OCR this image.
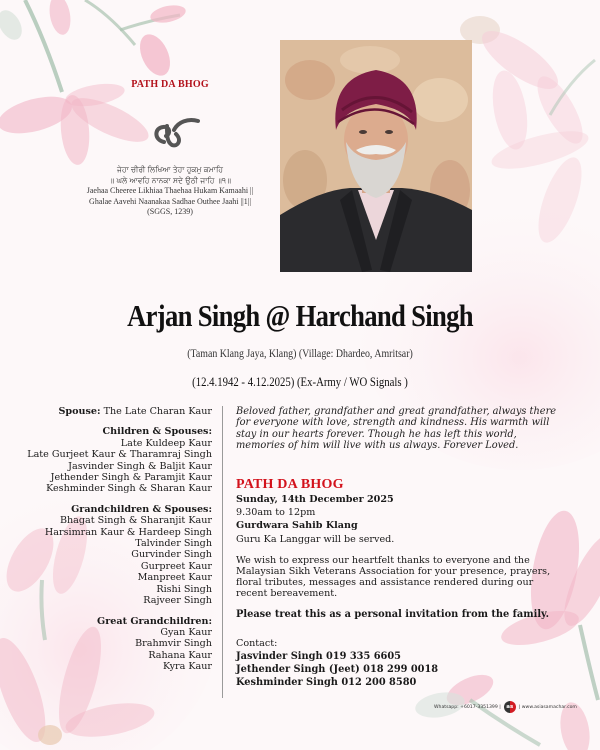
PATH DA BHOG
ਜੇਹਾ ਚੀਰੀ ਲਿਖਿਆ ਤੇਹਾ ਹੁਕਮੁ ਕਮਾਹਿ
॥ ਘਲੇ ਆਵਹਿ ਨਾਨਕਾ ਸਦੇ ਉਠੀ ਜਾਹਿ ॥੧॥
Jaehaa Cheeree Likhiaa Thaehaa Hukam Kamaahi ||
Ghalae Aavehi Naanakaa Sadhae Outhee Jaahi ||1||
(SGGS, 1239)
Arjan Singh @ Harchand Singh
(Taman Klang Jaya, Klang) (Village: Dhardeo, Amritsar)
(12.4.1942 - 4.12.2025) (Ex-Army / WO Signals )
Spouse: The Late Charan Kaur
Children & Spouses:
Late Kuldeep Kaur
Late Gurjeet Kaur & Tharamraj Singh
Jasvinder Singh & Baljit Kaur
Jethender Singh & Paramjit Kaur
Keshminder Singh & Sharan Kaur
Grandchildren & Spouses:
Bhagat Singh & Sharanjit Kaur
Harsimran Kaur & Hardeep Singh
Talvinder Singh
Gurvinder Singh
Gurpreet Kaur
Manpreet Kaur
Rishi Singh
Rajveer Singh
Great Grandchildren:
Gyan Kaur
Brahmvir Singh
Rahana Kaur
Kyra Kaur
Beloved father, grandfather and great grandfather, always there for everyone with love, strength and kindness. His warmth will stay in our hearts forever. Though he has left this world, memories of him will live with us always. Forever Loved.
PATH DA BHOG
Sunday, 14th December 2025
9.30am to 12pm
Gurdwara Sahib Klang
Guru Ka Langgar will be served.
We wish to express our heartfelt thanks to everyone and the Malaysian Sikh Veterans Association for your presence, prayers, floral tributes, messages and assistance rendered during our recent bereavement.
Please treat this as a personal invitation from the family.
Contact:
Jasvinder Singh 019 335 6605
Jethender Singh (Jeet) 018 299 0018
Keshminder Singh 012 200 8580
Whatsapp: +6017-3351399 |	as	| www.asiasamachar.com
